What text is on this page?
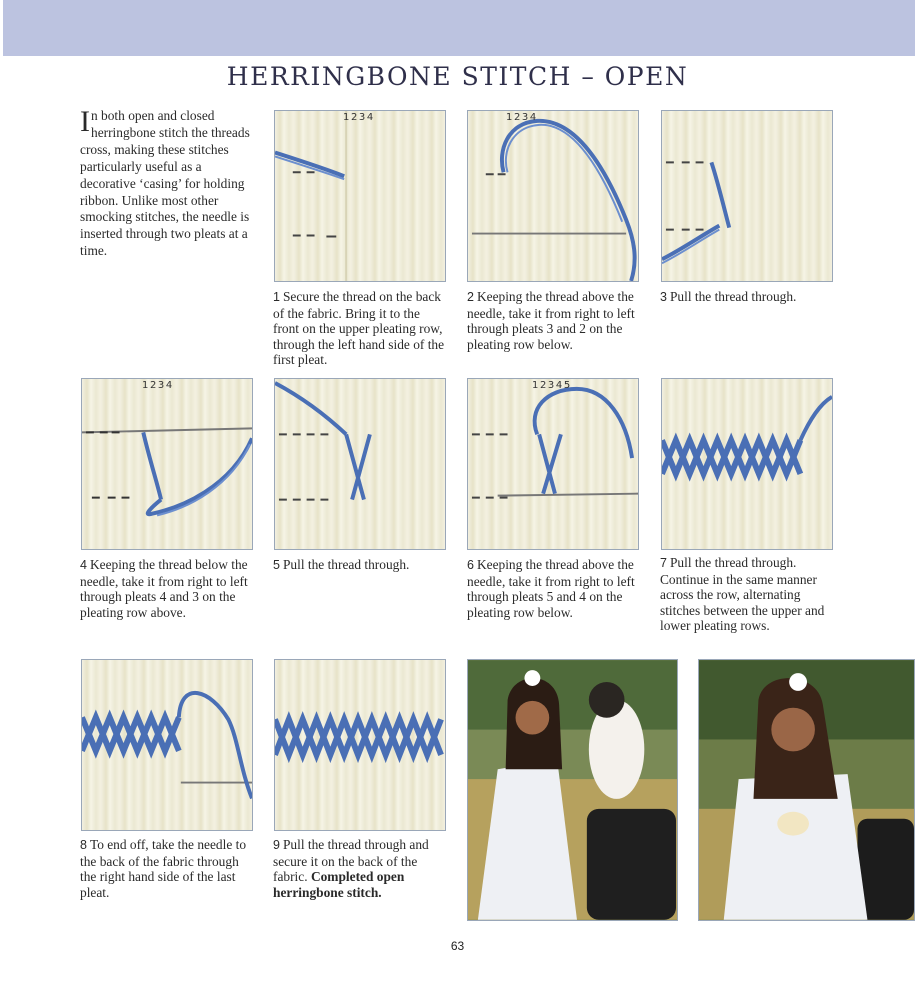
HERRINGBONE STITCH – OPEN
In both open and closed herringbone stitch the threads cross, making these stitches particularly useful as a decorative ‘casing’ for holding ribbon. Unlike most other smocking stitches, the needle is inserted through two pleats at a time.
1234	1234
1 Secure the thread on the back of the fabric. Bring it to the front on the upper pleating row, through the left hand side of the first pleat.
2 Keeping the thread above the needle, take it from right to left through pleats 3 and 2 on the pleating row below.
3 Pull the thread through.
1234	12345
4 Keeping the thread below the needle, take it from right to left through pleats 4 and 3 on the pleating row above.
5 Pull the thread through.	6 Keeping the thread above the needle, take it from right to left through pleats 5 and 4 on the pleating row below.
7 Pull the thread through. Continue in the same manner across the row, alternating stitches between the upper and lower pleating rows.
8 To end off, take the needle to the back of the fabric through the right hand side of the last pleat.
9 Pull the thread through and secure it on the back of the fabric. Completed open herringbone stitch.
63
